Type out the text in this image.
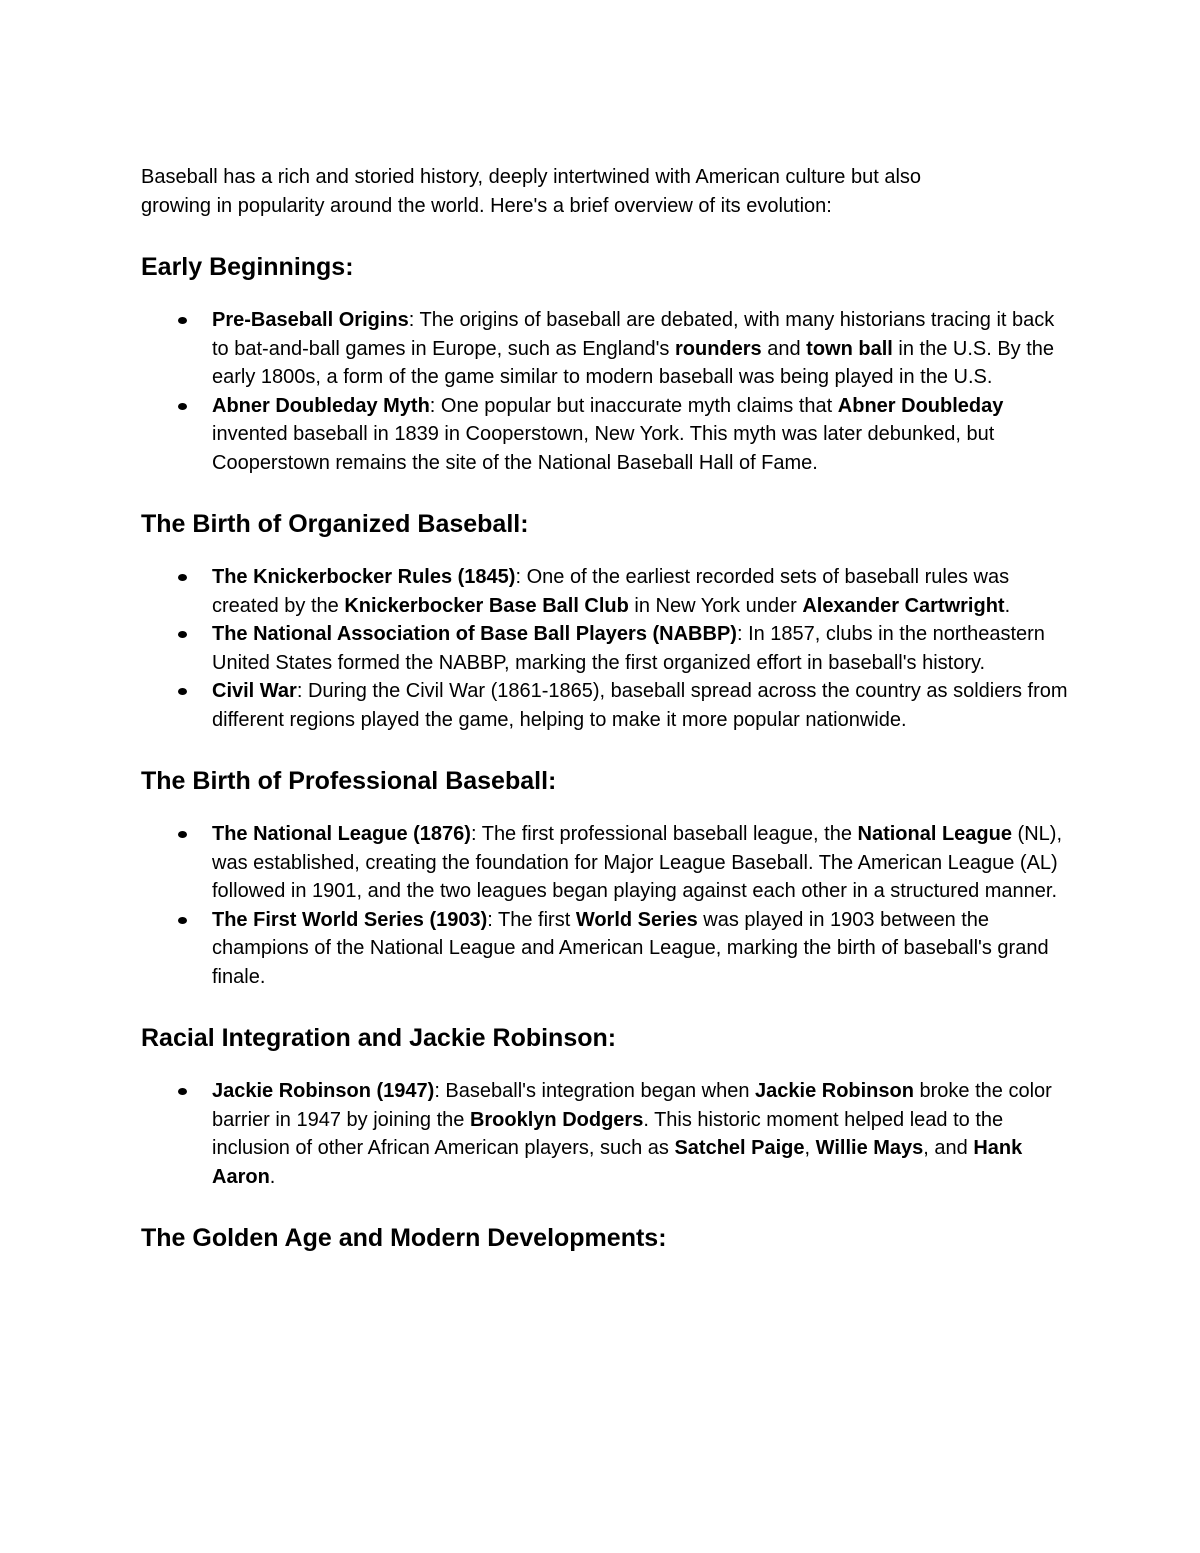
Baseball has a rich and storied history, deeply intertwined with American culture but also
growing in popularity around the world. Here's a brief overview of its evolution:

Early Beginnings:
Pre-Baseball Origins: The origins of baseball are debated, with many historians tracing it back to bat-and-ball games in Europe, such as England's rounders and town ball in the U.S. By the early 1800s, a form of the game similar to modern baseball was being played in the U.S.
Abner Doubleday Myth: One popular but inaccurate myth claims that Abner Doubleday invented baseball in 1839 in Cooperstown, New York. This myth was later debunked, but Cooperstown remains the site of the National Baseball Hall of Fame.
The Birth of Organized Baseball:
The Knickerbocker Rules (1845): One of the earliest recorded sets of baseball rules was created by the Knickerbocker Base Ball Club in New York under Alexander Cartwright.
The National Association of Base Ball Players (NABBP): In 1857, clubs in the northeastern United States formed the NABBP, marking the first organized effort in baseball's history.
Civil War: During the Civil War (1861-1865), baseball spread across the country as soldiers from different regions played the game, helping to make it more popular nationwide.
The Birth of Professional Baseball:
The National League (1876): The first professional baseball league, the National League (NL), was established, creating the foundation for Major League Baseball. The American League (AL) followed in 1901, and the two leagues began playing against each other in a structured manner.
The First World Series (1903): The first World Series was played in 1903 between the champions of the National League and American League, marking the birth of baseball's grand finale.
Racial Integration and Jackie Robinson:
Jackie Robinson (1947): Baseball's integration began when Jackie Robinson broke the color barrier in 1947 by joining the Brooklyn Dodgers. This historic moment helped lead to the inclusion of other African American players, such as Satchel Paige, Willie Mays, and Hank Aaron.
The Golden Age and Modern Developments:
